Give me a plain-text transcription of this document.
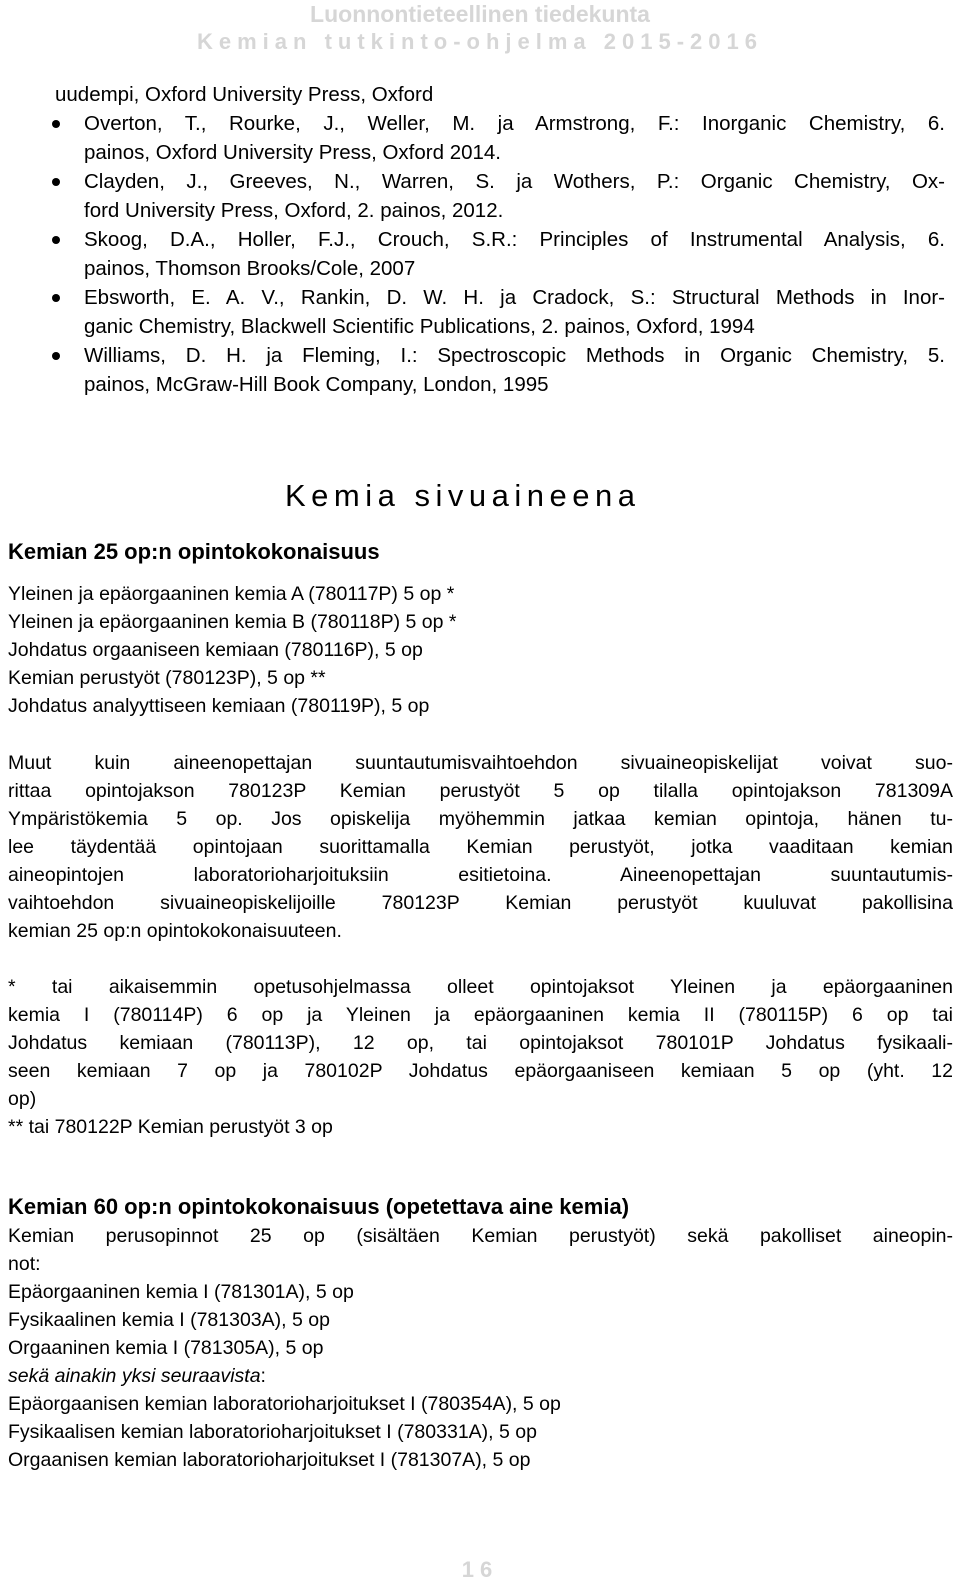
Luonnontieteellinen tiedekunta
Kemian tutkinto-ohjelma 2015-2016
uudempi, Oxford University Press, Oxford
Overton, T., Rourke, J., Weller, M. ja Armstrong, F.: Inorganic Chemistry, 6.
painos, Oxford University Press, Oxford 2014.
Clayden, J., Greeves, N., Warren, S. ja Wothers, P.: Organic Chemistry, Ox-
ford University Press, Oxford, 2. painos, 2012.
Skoog, D.A., Holler, F.J., Crouch, S.R.: Principles of Instrumental Analysis, 6.
painos, Thomson Brooks/Cole, 2007
Ebsworth, E. A. V., Rankin, D. W. H. ja Cradock, S.: Structural Methods in Inor-
ganic Chemistry, Blackwell Scientific Publications, 2. painos, Oxford, 1994
Williams, D. H. ja Fleming, I.: Spectroscopic Methods in Organic Chemistry, 5.
painos, McGraw-Hill Book Company, London, 1995
Kemia sivuaineena
Kemian 25 op:n opintokokonaisuus
Yleinen ja epäorgaaninen kemia A (780117P) 5 op *
Yleinen ja epäorgaaninen kemia B (780118P) 5 op *
Johdatus orgaaniseen kemiaan (780116P), 5 op
Kemian perustyöt (780123P), 5 op **
Johdatus analyyttiseen kemiaan (780119P), 5 op
Muut kuin aineenopettajan suuntautumisvaihtoehdon sivuaineopiskelijat voivat suo-
rittaa opintojakson 780123P Kemian perustyöt 5 op tilalla opintojakson 781309A
Ympäristökemia 5 op. Jos opiskelija myöhemmin jatkaa kemian opintoja, hänen tu-
lee täydentää opintojaan suorittamalla Kemian perustyöt, jotka vaaditaan kemian
aineopintojen laboratorioharjoituksiin esitietoina. Aineenopettajan suuntautumis-
vaihtoehdon sivuaineopiskelijoille 780123P Kemian perustyöt kuuluvat pakollisina
kemian 25 op:n opintokokonaisuuteen.
* tai aikaisemmin opetusohjelmassa olleet opintojaksot Yleinen ja epäorgaaninen
kemia I (780114P) 6 op ja Yleinen ja epäorgaaninen kemia II (780115P) 6 op tai
Johdatus kemiaan (780113P), 12 op, tai opintojaksot 780101P Johdatus fysikaali-
seen kemiaan 7 op ja 780102P Johdatus epäorgaaniseen kemiaan 5 op (yht. 12
op)
** tai 780122P Kemian perustyöt 3 op
Kemian 60 op:n opintokokonaisuus (opetettava aine kemia)
Kemian perusopinnot 25 op (sisältäen Kemian perustyöt) sekä pakolliset aineopin-
not:
Epäorgaaninen kemia I (781301A), 5 op
Fysikaalinen kemia I (781303A), 5 op
Orgaaninen kemia I (781305A), 5 op
sekä ainakin yksi seuraavista:
Epäorgaanisen kemian laboratorioharjoitukset I (780354A), 5 op
Fysikaalisen kemian laboratorioharjoitukset I (780331A), 5 op
Orgaanisen kemian laboratorioharjoitukset I (781307A), 5 op
16
